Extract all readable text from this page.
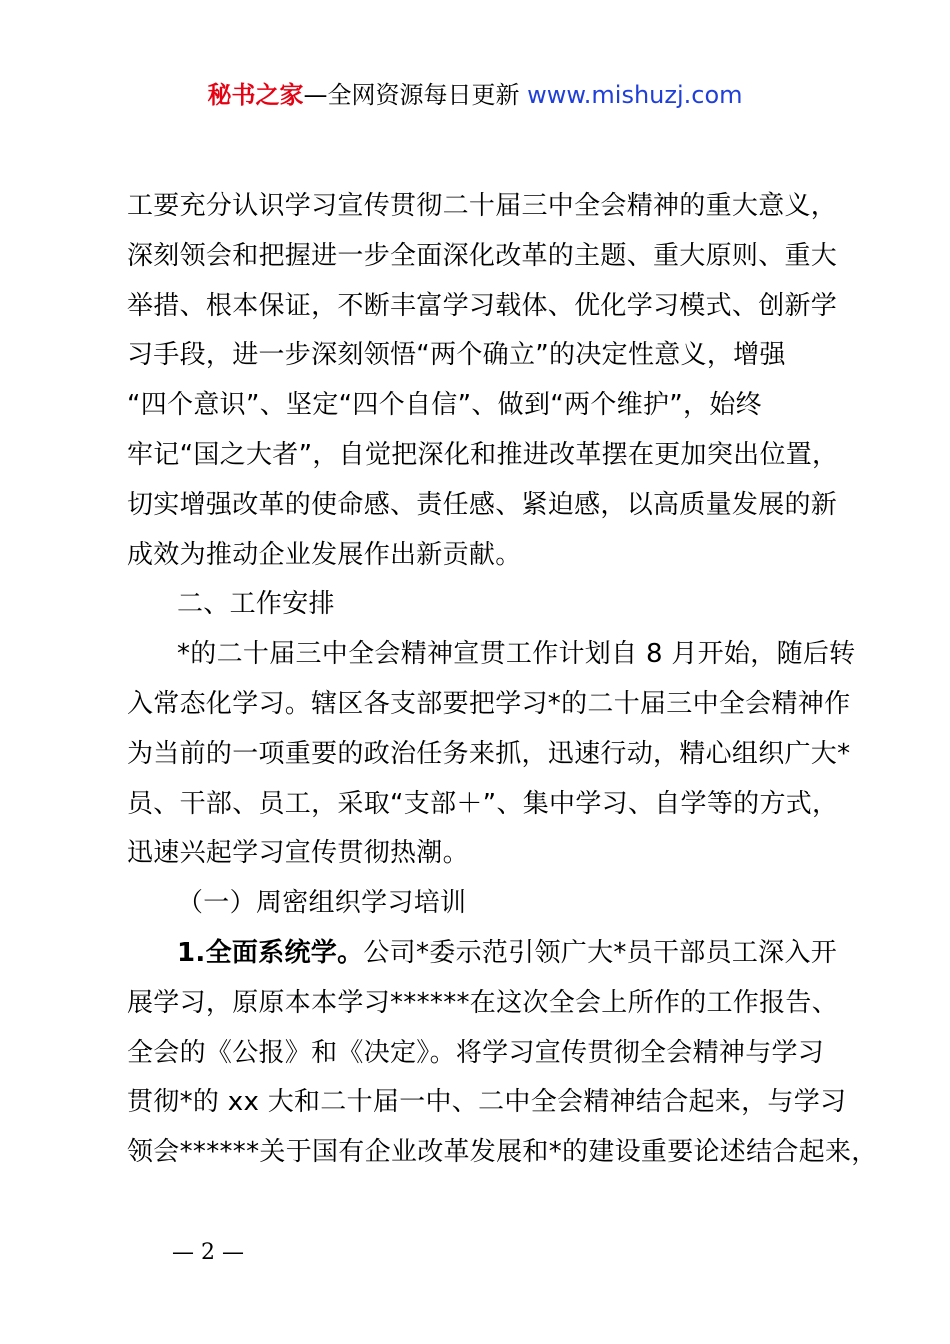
秘书之家—全网资源每日更新 www.mishuzj.com
工要充分认识学习宣传贯彻二十届三中全会精神的重大意义，
深刻领会和把握进一步全面深化改革的主题、重大原则、重大
举措、根本保证，不断丰富学习载体、优化学习模式、创新学
习手段，进一步深刻领悟“两个确立”的决定性意义，增强
“四个意识”、坚定“四个自信”、做到“两个维护”，始终
牢记“国之大者”，自觉把深化和推进改革摆在更加突出位置，
切实增强改革的使命感、责任感、紧迫感，以高质量发展的新
成效为推动企业发展作出新贡献。
二、工作安排
*的二十届三中全会精神宣贯工作计划自 8 月开始，随后转
入常态化学习。辖区各支部要把学习*的二十届三中全会精神作
为当前的一项重要的政治任务来抓，迅速行动，精心组织广大*
员、干部、员工，采取“支部＋”、集中学习、自学等的方式，
迅速兴起学习宣传贯彻热潮。
（一）周密组织学习培训
1.全面系统学。公司*委示范引领广大*员干部员工深入开
展学习，原原本本学习******在这次全会上所作的工作报告、
全会的《公报》和《决定》。将学习宣传贯彻全会精神与学习
贯彻*的 xx 大和二十届一中、二中全会精神结合起来，与学习
领会******关于国有企业改革发展和*的建设重要论述结合起来，
— 2 —
